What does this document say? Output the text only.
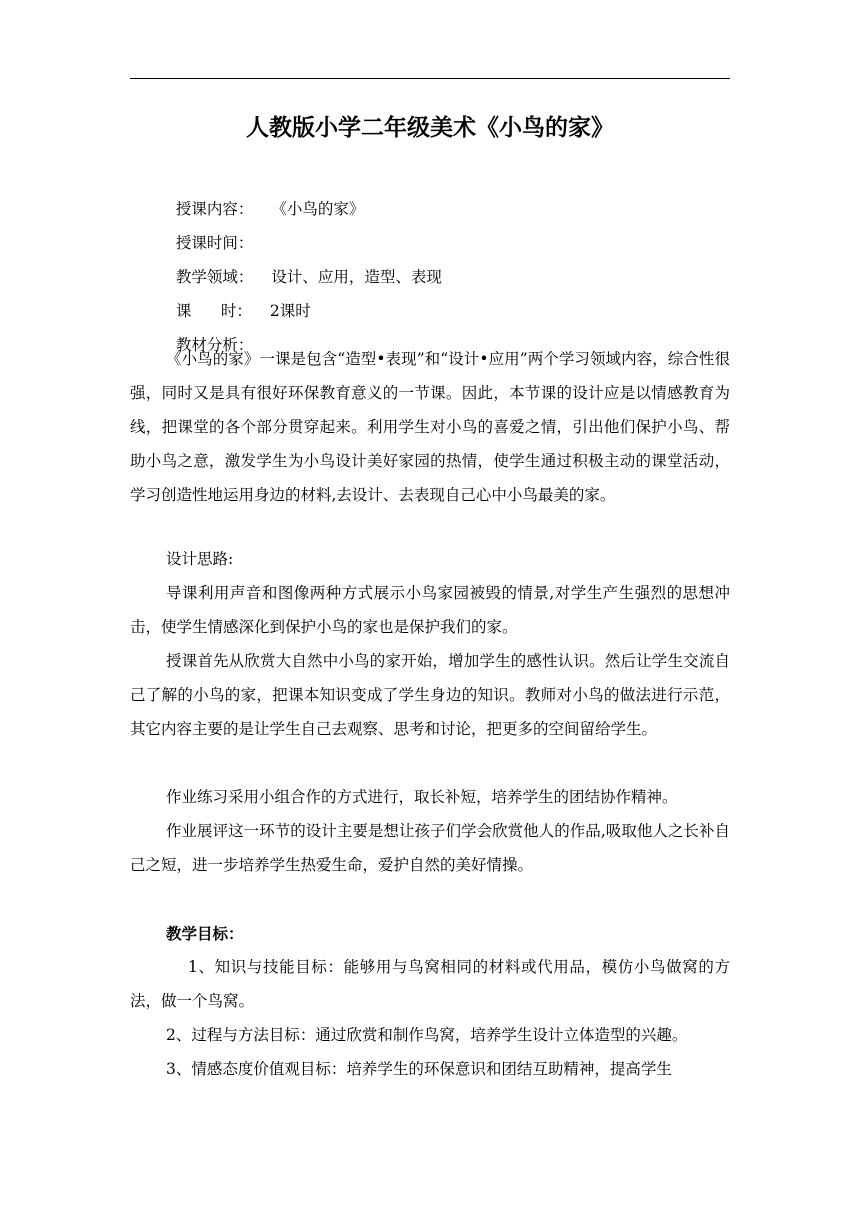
人教版小学二年级美术《小鸟的家》

授课内容： 《小鸟的家》

授课时间：

教学领域： 设计、应用，造型、表现

课      时： 2课时

教材分析：

《小鸟的家》一课是包含“造型•表现”和“设计•应用”两个学习领域内容，综合性很强，同时又是具有很好环保教育意义的一节课。因此，本节课的设计应是以情感教育为线，把课堂的各个部分贯穿起来。利用学生对小鸟的喜爱之情，引出他们保护小鸟、帮助小鸟之意，激发学生为小鸟设计美好家园的热情，使学生通过积极主动的课堂活动， 学习创造性地运用身边的材料,去设计、去表现自己心中小鸟最美的家。
设计思路:
导课利用声音和图像两种方式展示小鸟家园被毁的情景,对学生产生强烈的思想冲击，使学生情感深化到保护小鸟的家也是保护我们的家。
授课首先从欣赏大自然中小鸟的家开始，增加学生的感性认识。然后让学生交流自己了解的小鸟的家，把课本知识变成了学生身边的知识。教师对小鸟的做法进行示范，其它内容主要的是让学生自己去观察、思考和讨论，把更多的空间留给学生。
作业练习采用小组合作的方式进行，取长补短，培养学生的团结协作精神。
作业展评这一环节的设计主要是想让孩子们学会欣赏他人的作品,吸取他人之长补自己之短，进一步培养学生热爱生命，爱护自然的美好情操。
教学目标：
1、知识与技能目标：能够用与鸟窝相同的材料或代用品，模仿小鸟做窝的方法，做一个鸟窝。
2、过程与方法目标：通过欣赏和制作鸟窝，培养学生设计立体造型的兴趣。
3、情感态度价值观目标：培养学生的环保意识和团结互助精神，提高学生
